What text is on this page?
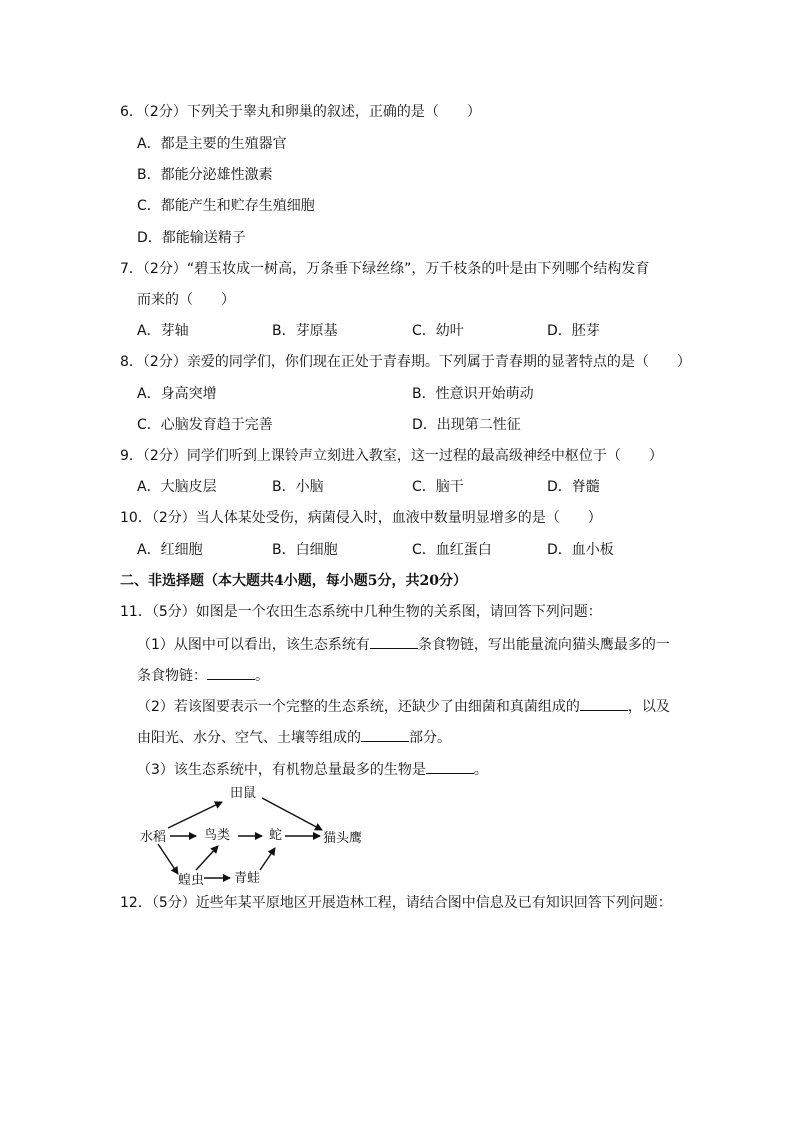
6．（2分）下列关于睾丸和卵巢的叙述，正确的是（　　）
A．都是主要的生殖器官
B．都能分泌雄性激素
C．都能产生和贮存生殖细胞
D．都能输送精子
7．（2分）“碧玉妆成一树高，万条垂下绿丝绦”，万千枝条的叶是由下列哪个结构发育
而来的（　　）
A．芽轴	B．芽原基	C．幼叶	D．胚芽
8．（2分）亲爱的同学们，你们现在正处于青春期。下列属于青春期的显著特点的是（　　）
A．身高突增	B．性意识开始萌动
C．心脑发育趋于完善	D．出现第二性征
9．（2分）同学们听到上课铃声立刻进入教室，这一过程的最高级神经中枢位于（　　）
A．大脑皮层	B．小脑	C．脑干	D．脊髓
10．（2分）当人体某处受伤，病菌侵入时，血液中数量明显增多的是（　　）
A．红细胞	B．白细胞	C．血红蛋白	D．血小板
二、非选择题（本大题共4小题，每小题5分，共20分）
11．（5分）如图是一个农田生态系统中几种生物的关系图，请回答下列问题：
（1）从图中可以看出，该生态系统有	条食物链，写出能量流向猫头鹰最多的一
条食物链：	。
（2）若该图要表示一个完整的生态系统，还缺少了由细菌和真菌组成的	，以及
由阳光、水分、空气、土壤等组成的	部分。
（3）该生态系统中，有机物总量最多的生物是	。
田鼠
水稻	鸟类	蛇	猫头鹰
蝗虫 青蛙
12．（5分）近些年某平原地区开展造林工程，请结合图中信息及已有知识回答下列问题：
